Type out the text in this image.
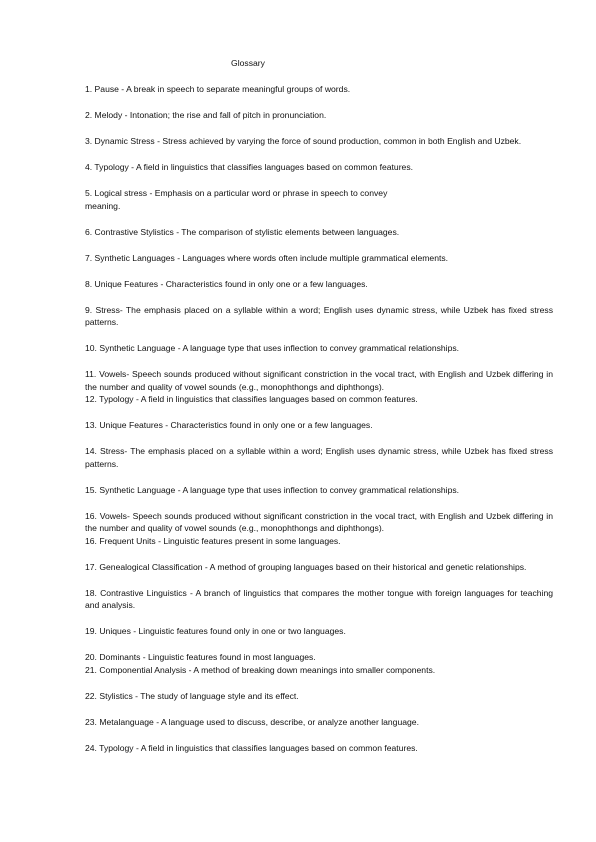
Glossary

1. Pause - A break in speech to separate meaningful groups of words.

2. Melody - Intonation; the rise and fall of pitch in pronunciation.

3. Dynamic Stress - Stress achieved by varying the force of sound production, common in both English and Uzbek.

4. Typology - A field in linguistics that classifies languages based on common features.

5. Logical stress - Emphasis on a particular word or phrase in speech to convey meaning.

6. Contrastive Stylistics - The comparison of stylistic elements between languages.

7. Synthetic Languages - Languages where words often include multiple grammatical elements.

8. Unique Features - Characteristics found in only one or a few languages.

9. Stress- The emphasis placed on a syllable within a word; English uses dynamic stress, while Uzbek has fixed stress patterns.

10. Synthetic Language - A language type that uses inflection to convey grammatical relationships.

11. Vowels- Speech sounds produced without significant constriction in the vocal tract, with English and Uzbek differing in the number and quality of vowel sounds (e.g., monophthongs and diphthongs).

12. Typology - A field in linguistics that classifies languages based on common features.

13. Unique Features - Characteristics found in only one or a few languages.

14. Stress- The emphasis placed on a syllable within a word; English uses dynamic stress, while Uzbek has fixed stress patterns.

15. Synthetic Language - A language type that uses inflection to convey grammatical relationships.

16. Vowels- Speech sounds produced without significant constriction in the vocal tract, with English and Uzbek differing in the number and quality of vowel sounds (e.g., monophthongs and diphthongs).

16. Frequent Units - Linguistic features present in some languages.

17. Genealogical Classification - A method of grouping languages based on their historical and genetic relationships.

18. Contrastive Linguistics - A branch of linguistics that compares the mother tongue with foreign languages for teaching and analysis.

19. Uniques - Linguistic features found only in one or two languages.

20. Dominants - Linguistic features found in most languages.

21. Componential Analysis - A method of breaking down meanings into smaller components.

22. Stylistics - The study of language style and its effect.

23. Metalanguage - A language used to discuss, describe, or analyze another language.

24. Typology - A field in linguistics that classifies languages based on common features.
